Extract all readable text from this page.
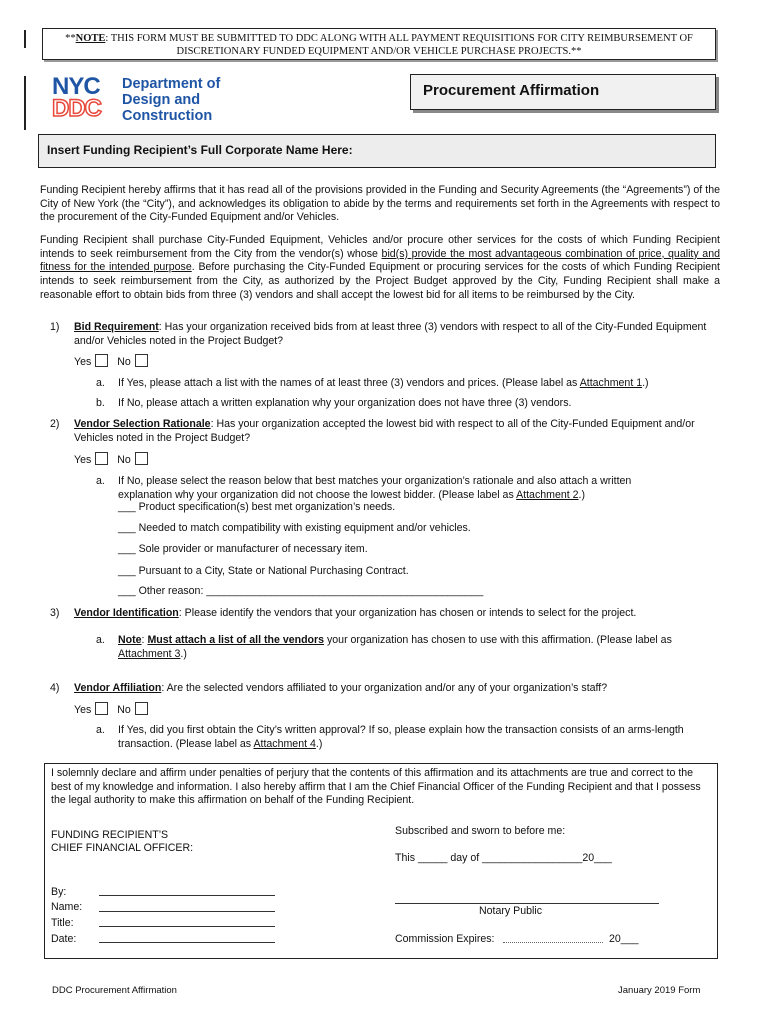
**NOTE: THIS FORM MUST BE SUBMITTED TO DDC ALONG WITH ALL PAYMENT REQUISITIONS FOR CITY REIMBURSEMENT OF DISCRETIONARY FUNDED EQUIPMENT AND/OR VEHICLE PURCHASE PROJECTS.**
NYC
DDC
Department of
Design and
Construction
Procurement Affirmation
Insert Funding Recipient’s Full Corporate Name Here:
Funding Recipient hereby affirms that it has read all of the provisions provided in the Funding and Security Agreements (the “Agreements”) of the City of New York (the “City”), and acknowledges its obligation to abide by the terms and requirements set forth in the Agreements with respect to the procurement of the City-Funded Equipment and/or Vehicles.
Funding Recipient shall purchase City-Funded Equipment, Vehicles and/or procure other services for the costs of which Funding Recipient intends to seek reimbursement from the City from the vendor(s) whose bid(s) provide the most advantageous combination of price, quality and fitness for the intended purpose. Before purchasing the City-Funded Equipment or procuring services for the costs of which Funding Recipient intends to seek reimbursement from the City, as authorized by the Project Budget approved by the City, Funding Recipient shall make a reasonable effort to obtain bids from three (3) vendors and shall accept the lowest bid for all items to be reimbursed by the City.
1) Bid Requirement: Has your organization received bids from at least three (3) vendors with respect to all of the City-Funded Equipment and/or Vehicles noted in the Project Budget?
Yes No
a. If Yes, please attach a list with the names of at least three (3) vendors and prices. (Please label as Attachment 1.)
b. If No, please attach a written explanation why your organization does not have three (3) vendors.
2) Vendor Selection Rationale: Has your organization accepted the lowest bid with respect to all of the City-Funded Equipment and/or Vehicles noted in the Project Budget?
Yes No
a. If No, please select the reason below that best matches your organization’s rationale and also attach a written explanation why your organization did not choose the lowest bidder. (Please label as Attachment 2.)
___ Product specification(s) best met organization’s needs.
___ Needed to match compatibility with existing equipment and/or vehicles.
___ Sole provider or manufacturer of necessary item.
___ Pursuant to a City, State or National Purchasing Contract.
___ Other reason: _______________________________________________
3) Vendor Identification: Please identify the vendors that your organization has chosen or intends to select for the project.
a. Note: Must attach a list of all the vendors your organization has chosen to use with this affirmation. (Please label as Attachment 3.)
4) Vendor Affiliation: Are the selected vendors affiliated to your organization and/or any of your organization’s staff?
Yes No
a. If Yes, did you first obtain the City’s written approval? If so, please explain how the transaction consists of an arms-length transaction. (Please label as Attachment 4.)
I solemnly declare and affirm under penalties of perjury that the contents of this affirmation and its attachments are true and correct to the best of my knowledge and information. I also hereby affirm that I am the Chief Financial Officer of the Funding Recipient and that I possess the legal authority to make this affirmation on behalf of the Funding Recipient.
FUNDING RECIPIENT’S
CHIEF FINANCIAL OFFICER:
Subscribed and sworn to before me:
This _____ day of _________________20___
By:
Name:
Title:
Date:
Notary Public
Commission Expires:	20___
DDC Procurement Affirmation	January 2019 Form
